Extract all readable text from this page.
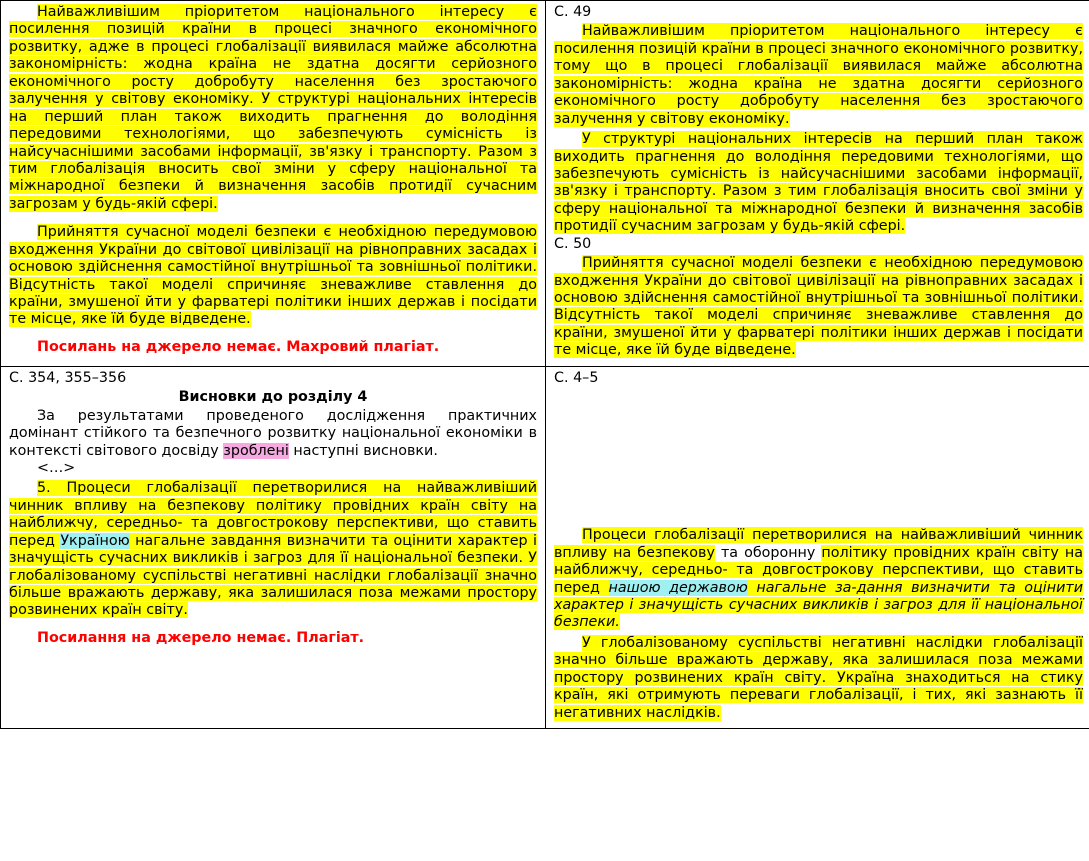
Найважливішим пріоритетом національного інтересу є посилення позицій країни в процесі значного економічного розвитку, адже в процесі глобалізації виявилася майже абсолютна закономірність: жодна країна не здатна досягти серйозного економічного росту добробуту населення без зростаючого залучення у світову економіку. У структурі національних інтересів на перший план також виходить прагнення до володіння передовими технологіями, що забезпечують сумісність із найсучаснішими засобами інформації, зв'язку і транспорту. Разом з тим глобалізація вносить свої зміни у сферу національної та міжнародної безпеки й визначення засобів протидії сучасним загрозам у будь-якій сфері.

Прийняття сучасної моделі безпеки є необхідною передумовою входження України до світової цивілізації на рівноправних засадах і основою здійснення самостійної внутрішньої та зовнішньої політики. Відсутність такої моделі спричиняє зневажливе ставлення до країни, змушеної йти у фарватері політики інших держав і посідати те місце, яке їй буде відведене.

Посилань на джерело немає. Махровий плагіат.

С. 49

Найважливішим пріоритетом національного інтересу є посилення позицій країни в процесі значного економічного розвитку, тому що в процесі глобалізації виявилася майже абсолютна закономірність: жодна країна не здатна досягти серйозного економічного росту добробуту населення без зростаючого залучення у світову економіку.

У структурі національних інтересів на перший план також виходить прагнення до володіння передовими технологіями, що забезпечують сумісність із найсучаснішими засобами інформації, зв'язку і транспорту. Разом з тим глобалізація вносить свої зміни у сферу національної та міжнародної безпеки й визначення засобів протидії сучасним загрозам у будь-якій сфері.

С. 50

Прийняття сучасної моделі безпеки є необхідною передумовою входження України до світової цивілізації на рівноправних засадах і основою здійснення самостійної внутрішньої та зовнішньої політики. Відсутність такої моделі спричиняє зневажливе ставлення до країни, змушеної йти у фарватері політики інших держав і посідати те місце, яке їй буде відведене.

С. 354, 355–356

Висновки до розділу 4

За результатами проведеного дослідження практичних домінант стійкого та безпечного розвитку національної економіки в контексті світового досвіду зроблені наступні висновки.

<…>

5. Процеси глобалізації перетворилися на найважливіший чинник впливу на безпекову політику провідних країн світу на найближчу, середньо- та довгострокову перспективи, що ставить перед Україною нагальне завдання визначити та оцінити характер і значущість сучасних викликів і загроз для її національної безпеки. У глобалізованому суспільстві негативні наслідки глобалізації значно більше вражають державу, яка залишилася поза межами простору розвинених країн світу.

Посилання на джерело немає. Плагіат.

С. 4–5

Процеси глобалізації перетворилися на найважливіший чинник впливу на безпекову та оборонну політику провідних країн світу на найближчу, середньо- та довгострокову перспективи, що ставить перед нашою державою нагальне за-дання визначити та оцінити характер і значущість сучасних викликів і загроз для її національної безпеки.

У глобалізованому суспільстві негативні наслідки глобалізації значно більше вражають державу, яка залишилася поза межами простору розвинених країн світу. Україна знаходиться на стику країн, які отримують переваги глобалізації, і тих, які зазнають її негативних наслідків.
